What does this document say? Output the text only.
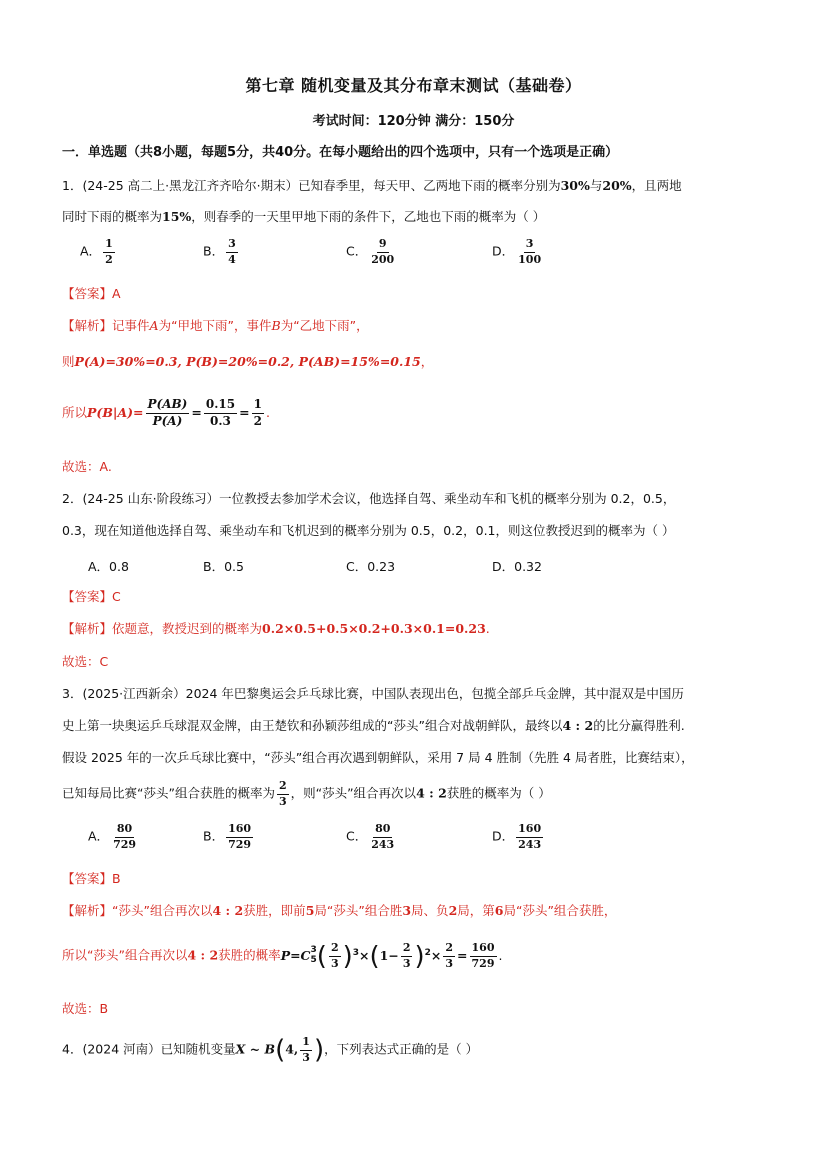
第七章 随机变量及其分布章末测试（基础卷）
考试时间：120分钟 满分：150分
一．单选题（共8小题，每题5分，共40分。在每小题给出的四个选项中，只有一个选项是正确）
1．(24-25 高二上·黑龙江齐齐哈尔·期末）已知春季里，每天甲、乙两地下雨的概率分别为30%与20%，且两地
同时下雨的概率为15%，则春季的一天里甲地下雨的条件下，乙地也下雨的概率为（ ）
A． $\frac{1}{2}$	B． $\frac{3}{4}$	C． $\frac{9}{200}$	D． $\frac{3}{100}$
【答案】A
【解析】记事件A为“甲地下雨”，事件B为“乙地下雨”，
则P(A)=30%=0.3, P(B)=20%=0.2, P(AB)=15%=0.15，
所以$P(B|A)= \frac{P(AB)}{P(A)} = \frac{0.15}{0.3} = \frac{1}{2}$ .
故选：A.
2．(24-25 山东·阶段练习）一位教授去参加学术会议，他选择自驾、乘坐动车和飞机的概率分别为 0.2，0.5，
0.3，现在知道他选择自驾、乘坐动车和飞机迟到的概率分别为 0.5，0.2，0.1，则这位教授迟到的概率为（ ）
A．0.8	B．0.5	C．0.23	D．0.32
【答案】C
【解析】依题意，教授迟到的概率为0.2×0.5+0.5×0.2+0.3×0.1=0.23.
故选：C
3．(2025·江西新余）2024 年巴黎奥运会乒乓球比赛，中国队表现出色，包揽全部乒乓金牌，其中混双是中国历
史上第一块奥运乒乓球混双金牌，由王楚钦和孙颖莎组成的“莎头”组合对战朝鲜队，最终以4 : 2的比分赢得胜利.
假设 2025 年的一次乒乓球比赛中，“莎头”组合再次遇到朝鲜队，采用 7 局 4 胜制（先胜 4 局者胜，比赛结束），
已知每局比赛“莎头”组合获胜的概率为 $\frac{2}{3}$ ，则“莎头”组合再次以4 : 2获胜的概率为（ ）
A． $\frac{80}{729}$	B． $\frac{160}{729}$	C． $\frac{80}{243}$	D． $\frac{160}{243}$
【答案】B
【解析】“莎头”组合再次以4 : 2获胜，即前5局“莎头”组合胜3局、负2局，第6局“莎头”组合获胜，
所以“莎头”组合再次以4 : 2获胜的概率P=C 3
5 ( $\frac{2}{3} )^3\times(1- \frac{2}{3} )^2\times \frac{2}{3} = \frac{160}{729}$ .
故选：B
4．(2024 河南）已知随机变量X ~ B(4, $\frac{1}{3}$ )，下列表达式正确的是（ ）
